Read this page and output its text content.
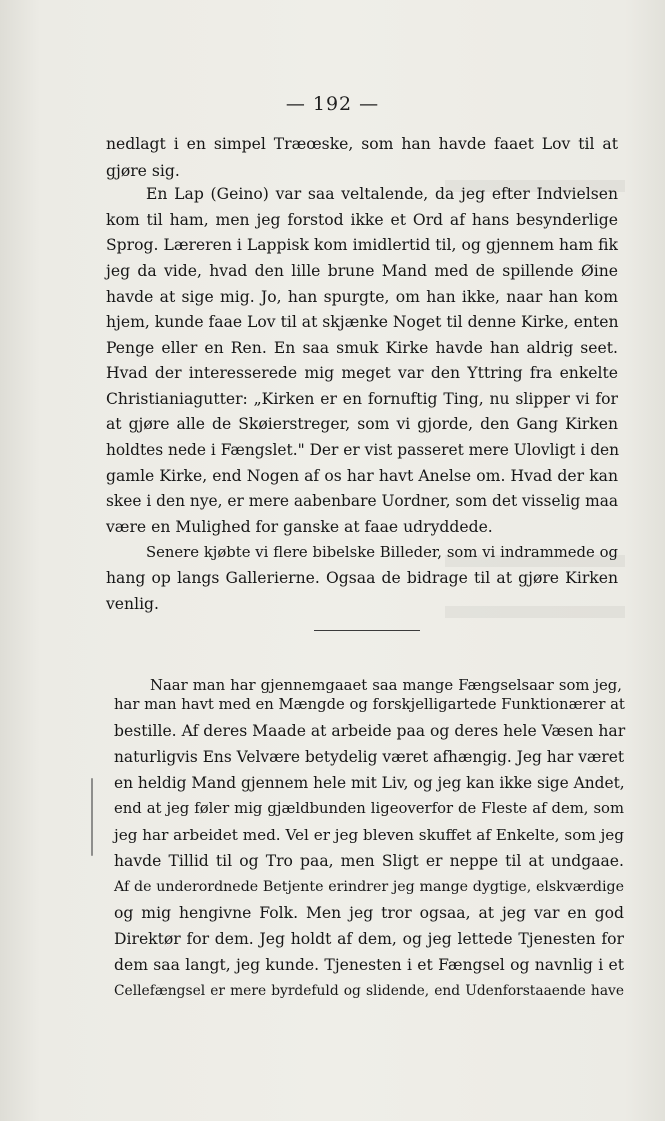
— 192 —
nedlagt i en simpel Træœske, som han havde faaet Lov til at
gjøre sig.
En Lap (Geino) var saa veltalende, da jeg efter Indvielsen
kom til ham, men jeg forstod ikke et Ord af hans besynderlige
Sprog. Læreren i Lappisk kom imidlertid til, og gjennem ham fik
jeg da vide, hvad den lille brune Mand med de spillende Øine
havde at sige mig. Jo, han spurgte, om han ikke, naar han kom
hjem, kunde faae Lov til at skjænke Noget til denne Kirke, enten
Penge eller en Ren. En saa smuk Kirke havde han aldrig seet.
Hvad der interesserede mig meget var den Yttring fra enkelte
Christianiagutter: „Kirken er en fornuftig Ting, nu slipper vi for
at gjøre alle de Skøierstreger, som vi gjorde, den Gang Kirken
holdtes nede i Fængslet." Der er vist passeret mere Ulovligt i den
gamle Kirke, end Nogen af os har havt Anelse om. Hvad der kan
skee i den nye, er mere aabenbare Uordner, som det visselig maa
være en Mulighed for ganske at faae udryddede.
Senere kjøbte vi flere bibelske Billeder, som vi indrammede og
hang op langs Gallerierne. Ogsaa de bidrage til at gjøre Kirken
venlig.
Naar man har gjennemgaaet saa mange Fængselsaar som jeg,
har man havt med en Mængde og forskjelligartede Funktionærer at
bestille. Af deres Maade at arbeide paa og deres hele Væsen har
naturligvis Ens Velvære betydelig været afhængig. Jeg har været
en heldig Mand gjennem hele mit Liv, og jeg kan ikke sige Andet,
end at jeg føler mig gjældbunden ligeoverfor de Fleste af dem, som
jeg har arbeidet med. Vel er jeg bleven skuffet af Enkelte, som jeg
havde Tillid til og Tro paa, men Sligt er neppe til at undgaae.
Af de underordnede Betjente erindrer jeg mange dygtige, elskværdige
og mig hengivne Folk. Men jeg tror ogsaa, at jeg var en god
Direktør for dem. Jeg holdt af dem, og jeg lettede Tjenesten for
dem saa langt, jeg kunde. Tjenesten i et Fængsel og navnlig i et
Cellefængsel er mere byrdefuld og slidende, end Udenforstaaende have
